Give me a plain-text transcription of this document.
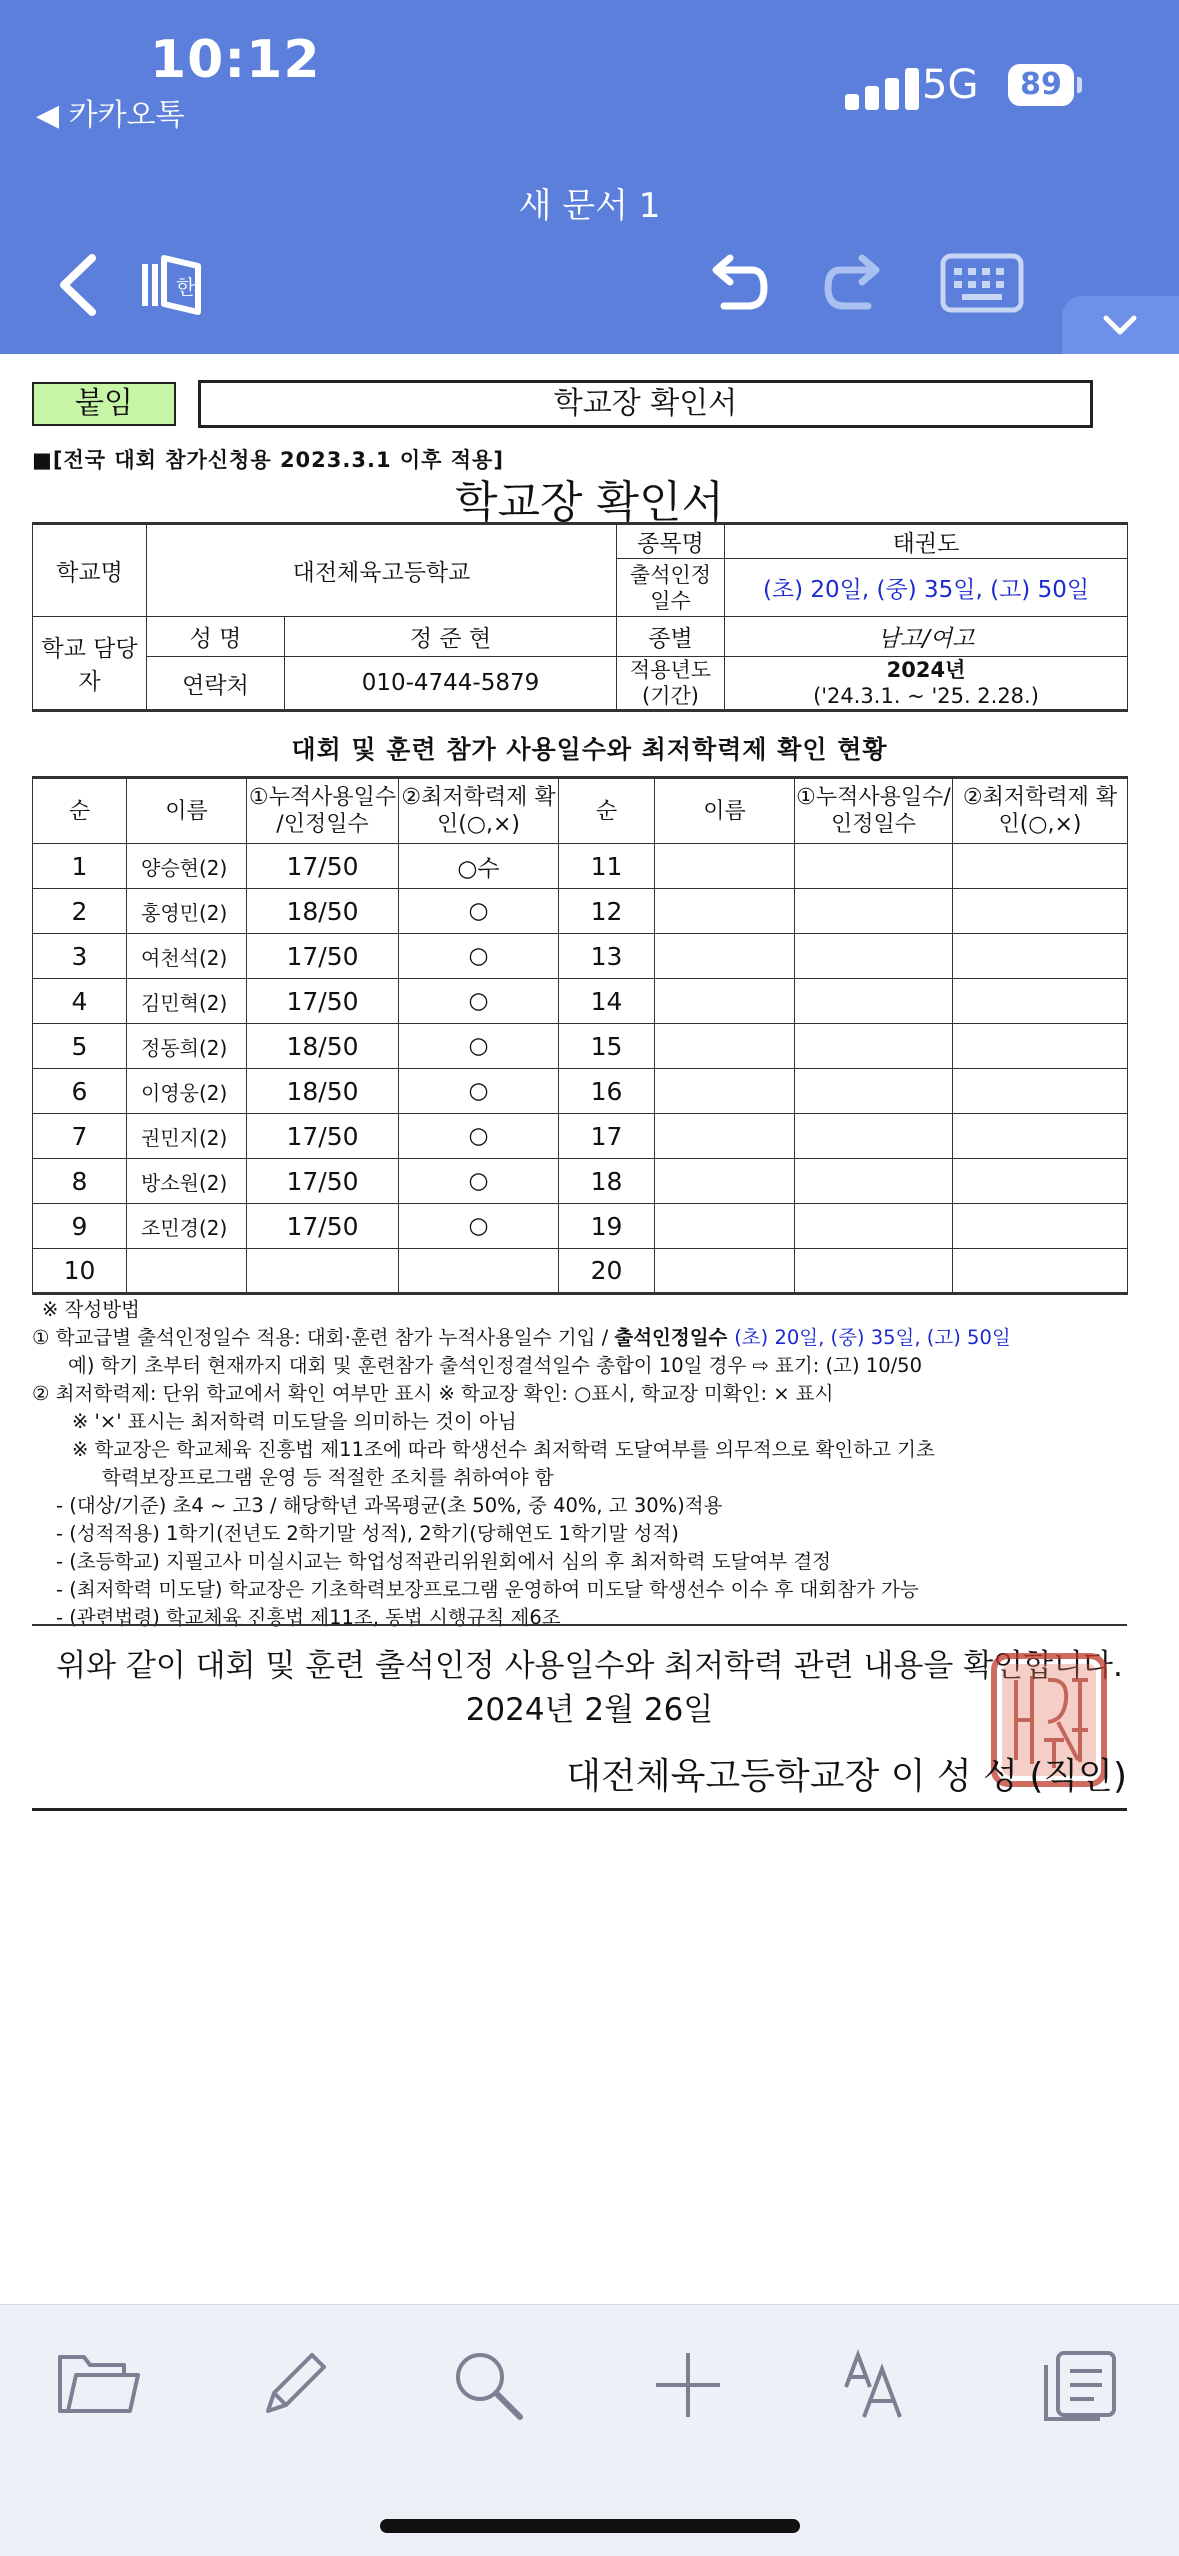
10:12
◀ 카카오톡
5G	89
새 문서 1
한
붙임	학교장 확인서
■[전국 대회 참가신청용 2023.3.1 이후 적용]
학교장 확인서
학교명	대전체육고등학교		종목명	태권도
			출석인정 일수	(초) 20일, (중) 35일, (고) 50일
학교 담당자	성 명	정 준 현	종별	남고/여고
	연락처	010-4744-5879	적용년도 (기간)	2024년
('24.3.1. ~ '25. 2.28.)
대회 및 훈련 참가 사용일수와 최저학력제 확인 현황
순	이름	①누적사용일수 /인정일수	②최저학력제 확인(○,×)	순	이름	①누적사용일수/ 인정일수	②최저학력제 확인(○,×)
1	양승현(2)	17/50	○수	11			
2	홍영민(2)	18/50	○	12			
3	여천석(2)	17/50	○	13			
4	김민혁(2)	17/50	○	14			
5	정동희(2)	18/50	○	15			
6	이영웅(2)	18/50	○	16			
7	권민지(2)	17/50	○	17			
8	방소원(2)	17/50	○	18			
9	조민경(2)	17/50	○	19			
10				20			
※ 작성방법
① 학교급별 출석인정일수 적용: 대회·훈련 참가 누적사용일수 기입 / 출석인정일수 (초) 20일, (중) 35일, (고) 50일
예) 학기 초부터 현재까지 대회 및 훈련참가 출석인정결석일수 총합이 10일 경우 ⇨ 표기: (고) 10/50
② 최저학력제: 단위 학교에서 확인 여부만 표시 ※ 학교장 확인: ○표시, 학교장 미확인: × 표시
※ '×' 표시는 최저학력 미도달을 의미하는 것이 아님
※ 학교장은 학교체육 진흥법 제11조에 따라 학생선수 최저학력 도달여부를 의무적으로 확인하고 기초
학력보장프로그램 운영 등 적절한 조치를 취하여야 함
- (대상/기준) 초4 ~ 고3 / 해당학년 과목평균(초 50%, 중 40%, 고 30%)적용
- (성적적용) 1학기(전년도 2학기말 성적), 2학기(당해연도 1학기말 성적)
- (초등학교) 지필고사 미실시교는 학업성적관리위원회에서 심의 후 최저학력 도달여부 결정
- (최저학력 미도달) 학교장은 기초학력보장프로그램 운영하여 미도달 학생선수 이수 후 대회참가 가능
- (관련법령) 학교체육 진흥법 제11조, 동법 시행규칙 제6조
위와 같이 대회 및 훈련 출석인정 사용일수와 최저학력 관련 내용을 확인합니다.
2024년 2월 26일
대전체육고등학교장 이 성 성 (직인)
